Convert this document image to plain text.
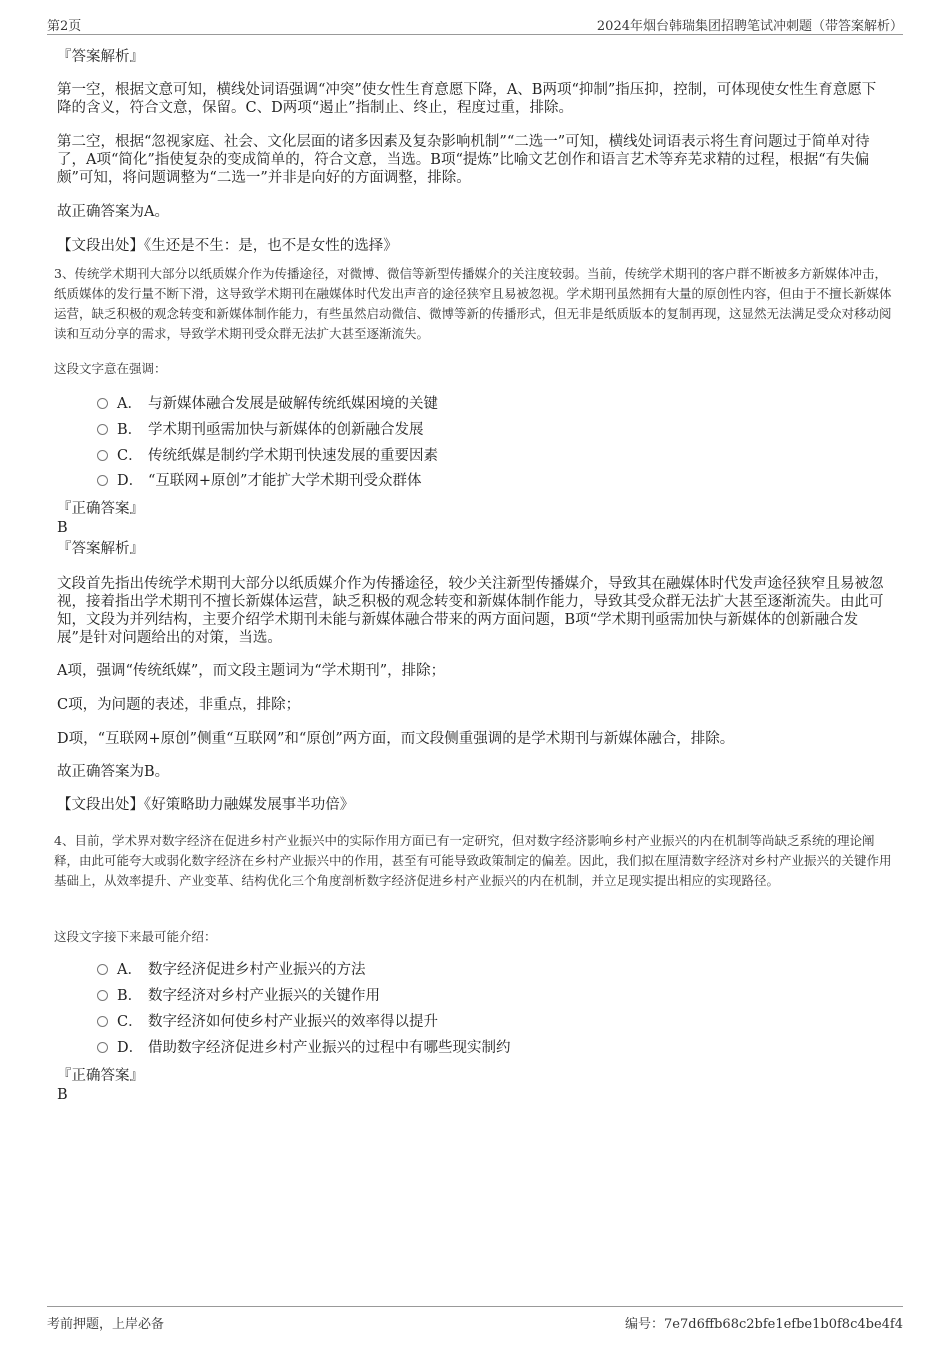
第2页	2024年烟台韩瑞集团招聘笔试冲刺题（带答案解析）
『答案解析』

第一空，根据文意可知，横线处词语强调“冲突”使女性生育意愿下降，A、B两项“抑制”指压抑，控制，可体现使女性生育意愿下降的含义，符合文意，保留。C、D两项“遏止”指制止、终止，程度过重，排除。

第二空，根据“忽视家庭、社会、文化层面的诸多因素及复杂影响机制”“二选一”可知，横线处词语表示将生育问题过于简单对待了，A项“简化”指使复杂的变成简单的，符合文意，当选。B项“提炼”比喻文艺创作和语言艺术等弃芜求精的过程，根据“有失偏颇”可知，将问题调整为“二选一”并非是向好的方面调整，排除。

故正确答案为A。
【文段出处】《生还是不生：是，也不是女性的选择》

3、传统学术期刊大部分以纸质媒介作为传播途径，对微博、微信等新型传播媒介的关注度较弱。当前，传统学术期刊的客户群不断被多方新媒体冲击，纸质媒体的发行量不断下滑，这导致学术期刊在融媒体时代发出声音的途径狭窄且易被忽视。学术期刊虽然拥有大量的原创性内容，但由于不擅长新媒体运营，缺乏积极的观念转变和新媒体制作能力，有些虽然启动微信、微博等新的传播形式，但无非是纸质版本的复制再现，这显然无法满足受众对移动阅读和互动分享的需求，导致学术期刊受众群无法扩大甚至逐渐流失。

这段文字意在强调：
A． 与新媒体融合发展是破解传统纸媒困境的关键
B． 学术期刊亟需加快与新媒体的创新融合发展
C． 传统纸媒是制约学术期刊快速发展的重要因素
D． “互联网+原创”才能扩大学术期刊受众群体
『正确答案』
B
『答案解析』

文段首先指出传统学术期刊大部分以纸质媒介作为传播途径，较少关注新型传播媒介，导致其在融媒体时代发声途径狭窄且易被忽视，接着指出学术期刊不擅长新媒体运营，缺乏积极的观念转变和新媒体制作能力，导致其受众群无法扩大甚至逐渐流失。由此可知，文段为并列结构，主要介绍学术期刊未能与新媒体融合带来的两方面问题，B项“学术期刊亟需加快与新媒体的创新融合发展”是针对问题给出的对策，当选。

A项，强调“传统纸媒”，而文段主题词为“学术期刊”，排除；
C项，为问题的表述，非重点，排除；
D项，“互联网+原创”侧重“互联网”和“原创”两方面，而文段侧重强调的是学术期刊与新媒体融合，排除。
故正确答案为B。
【文段出处】《好策略助力融媒发展事半功倍》

4、目前，学术界对数字经济在促进乡村产业振兴中的实际作用方面已有一定研究，但对数字经济影响乡村产业振兴的内在机制等尚缺乏系统的理论阐释，由此可能夸大或弱化数字经济在乡村产业振兴中的作用，甚至有可能导致政策制定的偏差。因此，我们拟在厘清数字经济对乡村产业振兴的关键作用基础上，从效率提升、产业变革、结构优化三个角度剖析数字经济促进乡村产业振兴的内在机制，并立足现实提出相应的实现路径。

这段文字接下来最可能介绍：
A． 数字经济促进乡村产业振兴的方法
B． 数字经济对乡村产业振兴的关键作用
C． 数字经济如何使乡村产业振兴的效率得以提升
D． 借助数字经济促进乡村产业振兴的过程中有哪些现实制约
『正确答案』
B
考前押题，上岸必备	编号：7e7d6ffb68c2bfe1efbe1b0f8c4be4f4
